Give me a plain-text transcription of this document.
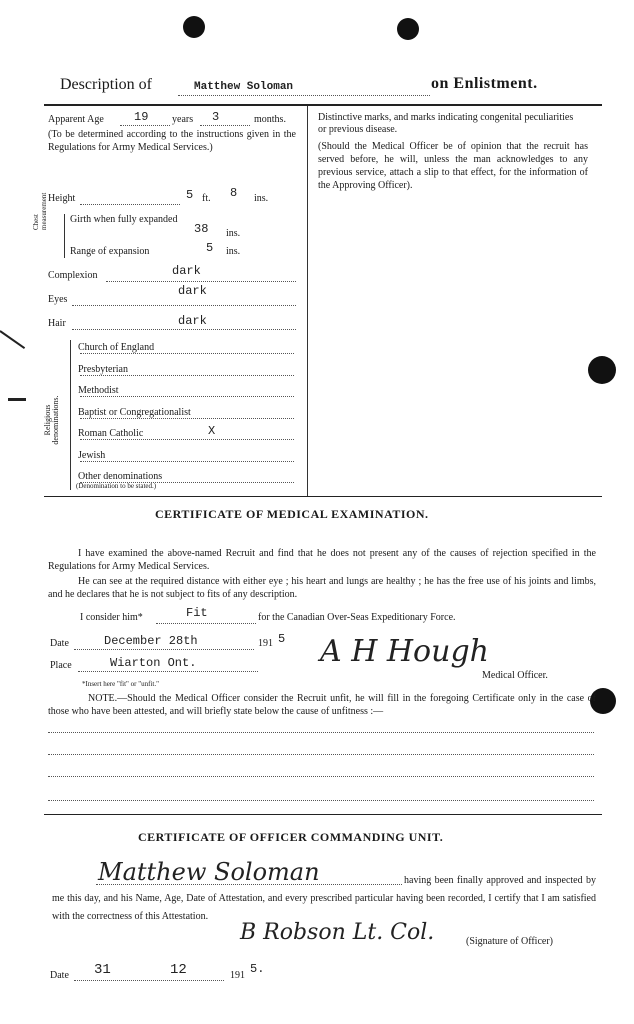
Description of	Matthew Soloman	on Enlistment.
Apparent Age	19 years 3	months.
(To be determined according to the instructions given in the Regulations for Army Medical Services.)
Height	5 ft. 8 ins.
Chest measurement Girth when fully expanded
38 ins.
Range of expansion	5 ins.
Complexion	dark
Eyes
dark
Hair	dark
Distinctive marks, and marks indicating congenital peculiarities or previous disease.
(Should the Medical Officer be of opinion that the recruit has served before, he will, unless the man acknowledges to any previous service, attach a slip to that effect, for the information of the Approving Officer).
Religious denominations.
Church of England
Presbyterian
Methodist
Baptist or Congregationalist
Roman Catholic	X
Jewish
Other denominations
(Denomination to be stated.)
CERTIFICATE OF MEDICAL EXAMINATION.
I have examined the above-named Recruit and find that he does not present any of the causes of rejection specified in the Regulations for Army Medical Services.
He can see at the required distance with either eye ; his heart and lungs are healthy ; he has the free use of his joints and limbs, and he declares that he is not subject to fits of any description.
I consider him*	Fit	for the Canadian Over-Seas Expeditionary Force.
Date	December 28th	191 5
Place	Wiarton Ont.
*Insert here "fit" or "unfit."
A H Hough
Medical Officer.
NOTE.—Should the Medical Officer consider the Recruit unfit, he will fill in the foregoing Certificate only in the case of those who have been attested, and will briefly state below the cause of unfitness :—
CERTIFICATE OF OFFICER COMMANDING UNIT.
Matthew Soloman	having been finally approved and inspected by me this day, and his Name, Age, Date of Attestation, and every prescribed particular having been recorded, I certify that I am satisfied with the correctness of this Attestation.
B Robson Lt. Col.	(Signature of Officer)
Date 31	12	191 5.
